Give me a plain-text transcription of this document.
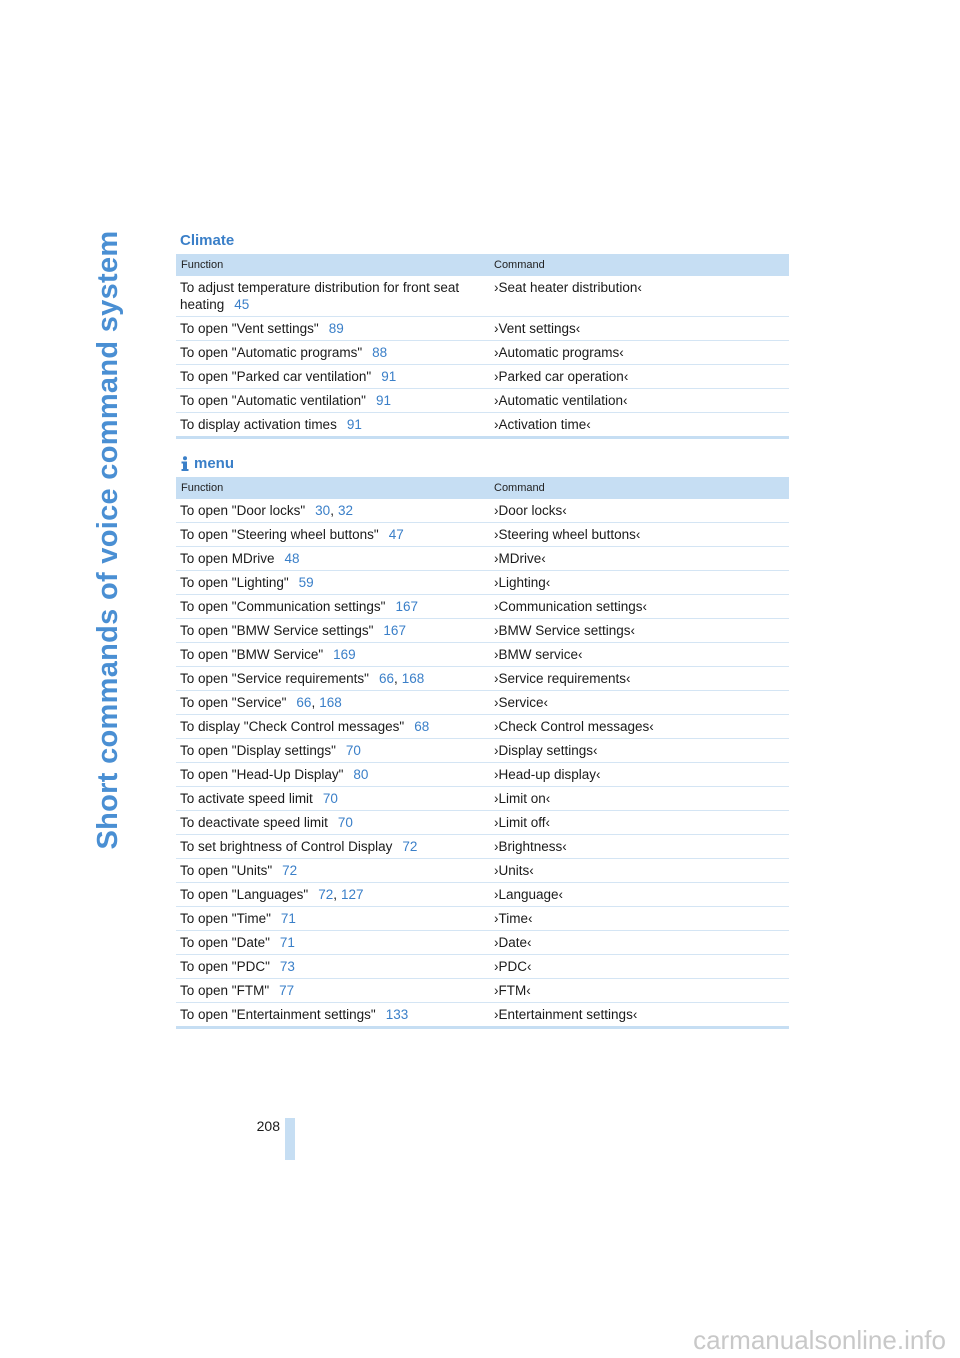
Short commands of voice command system	Climate
Function	Command
To adjust temperature distribution for front seat heating 45	›Seat heater distribution‹
To open "Vent settings" 89	›Vent settings‹
To open "Automatic programs" 88	›Automatic programs‹
To open "Parked car ventilation" 91	›Parked car operation‹
To open "Automatic ventilation" 91	›Automatic ventilation‹
To display activation times 91	›Activation time‹
menu
Function	Command
To open "Door locks" 30, 32	›Door locks‹
To open "Steering wheel buttons" 47	›Steering wheel buttons‹
To open MDrive 48	›MDrive‹
To open "Lighting" 59	›Lighting‹
To open "Communication settings" 167	›Communication settings‹
To open "BMW Service settings" 167	›BMW Service settings‹
To open "BMW Service" 169	›BMW service‹
To open "Service requirements" 66, 168	›Service requirements‹
To open "Service" 66, 168	›Service‹
To display "Check Control messages" 68	›Check Control messages‹
To open "Display settings" 70	›Display settings‹
To open "Head-Up Display" 80	›Head-up display‹
To activate speed limit 70	›Limit on‹
To deactivate speed limit 70	›Limit off‹
To set brightness of Control Display 72	›Brightness‹
To open "Units" 72	›Units‹
To open "Languages" 72, 127	›Language‹
To open "Time" 71	›Time‹
To open "Date" 71	›Date‹
To open "PDC" 73	›PDC‹
To open "FTM" 77	›FTM‹
To open "Entertainment settings" 133	›Entertainment settings‹
208
carmanualsonline.info
